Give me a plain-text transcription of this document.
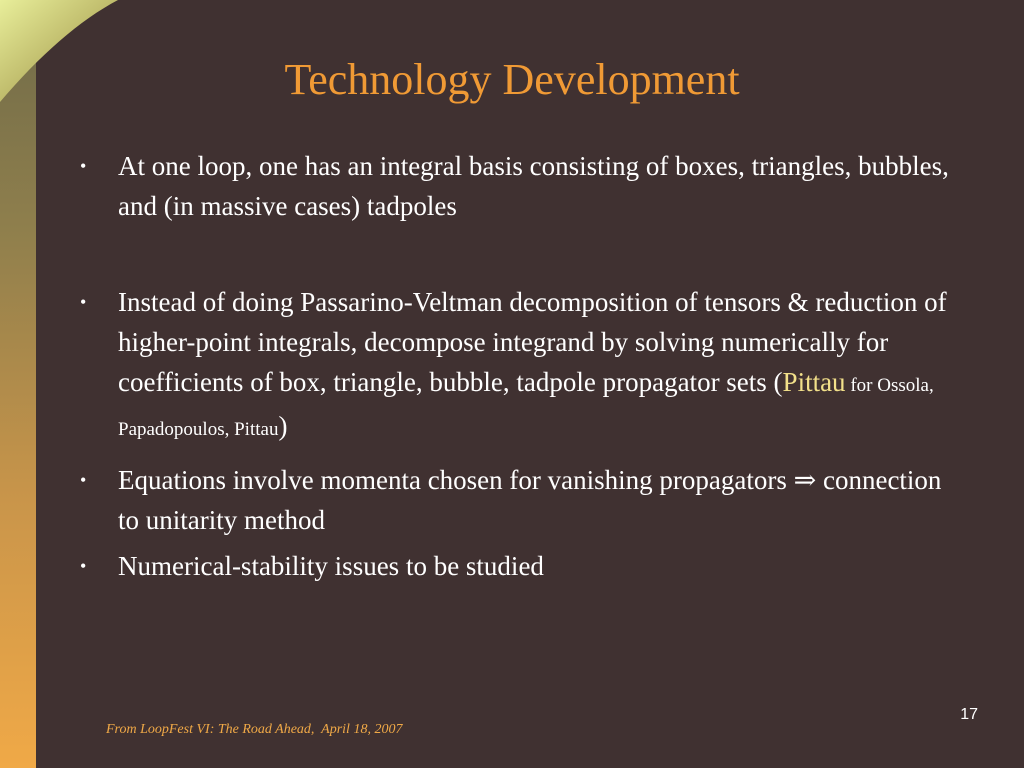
Technology Development
• At one loop, one has an integral basis consisting of boxes, triangles, bubbles, and (in massive cases) tadpoles
• Instead of doing Passarino-Veltman decomposition of tensors & reduction of higher-point integrals, decompose integrand by solving numerically for coefficients of box, triangle, bubble, tadpole propagator sets (Pittau for Ossola, Papadopoulos, Pittau)
• Equations involve momenta chosen for vanishing propagators ⇒ connection to unitarity method
• Numerical-stability issues to be studied
From LoopFest VI: The Road Ahead,  April 18, 2007
17
